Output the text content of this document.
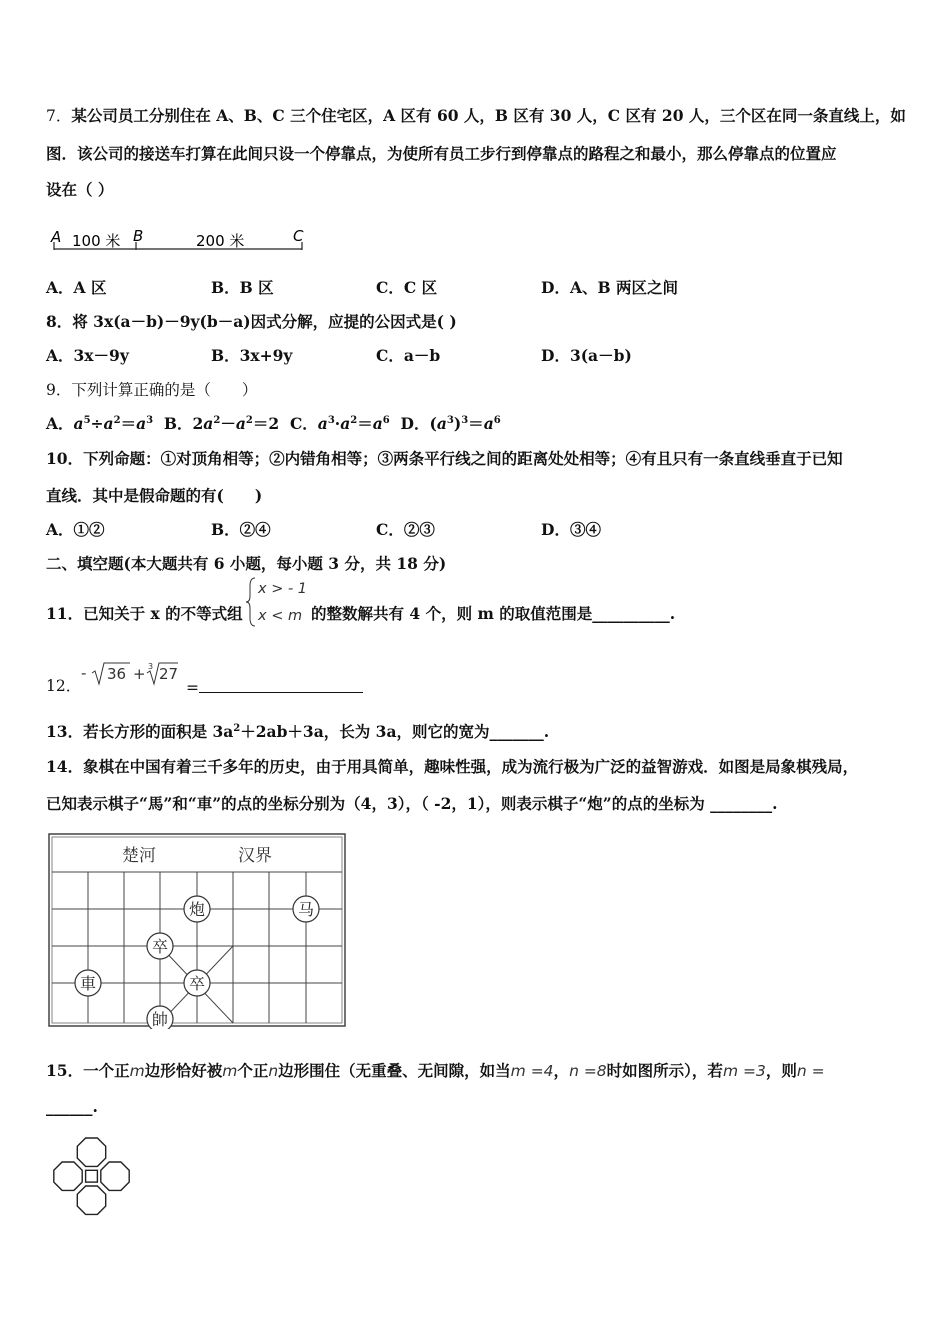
7．某公司员工分别住在 A、B、C 三个住宅区，A 区有 60 人，B 区有 30 人，C 区有 20 人，三个区在同一条直线上，如
图．该公司的接送车打算在此间只设一个停靠点，为使所有员工步行到停靠点的路程之和最小，那么停靠点的位置应
设在（ ）
A	B	C
100 米	200 米
A．A 区	B．B 区	C．C 区	D．A、B 两区之间
8．将 3x(a－b)－9y(b－a)因式分解，应提的公因式是( )
A．3x－9y	B．3x+9y	C．a－b	D．3(a－b)
9．下列计算正确的是（　　）
A．$a^5\div a^2=a^3$ B．$2a^2-a^2=2$ C．$a^3\cdot a^2=a^6$ D．$(a^3)^3=a^6$
10．下列命题：①对顶角相等；②内错角相等；③两条平行线之间的距离处处相等；④有且只有一条直线垂直于已知
直线．其中是假命题的有(　　)
A．①②	B．②④	C．②③	D．③④
二、填空题(本大题共有 6 小题，每小题 3 分，共 18 分)
11．已知关于 x 的不等式组
x > - 1
x < m 的整数解共有 4 个，则 m 的取值范围是__________.
12．
- 36 + 3 27
=
13．若长方形的面积是 $3a^2+2ab+3a$，长为 3a，则它的宽为_______.
14．象棋在中国有着三千多年的历史，由于用具简单，趣味性强，成为流行极为广泛的益智游戏．如图是局象棋残局，
已知表示棋子“馬”和“車”的点的坐标分别为（4，3），（ -2，1），则表示棋子“炮”的点的坐标为 ________.
楚河	汉界
炮	马
卒
卒
車
帥
15．一个正m边形恰好被m个正n边形围住（无重叠、无间隙，如当m =4，n =8时如图所示），若m =3，则n =
______.
